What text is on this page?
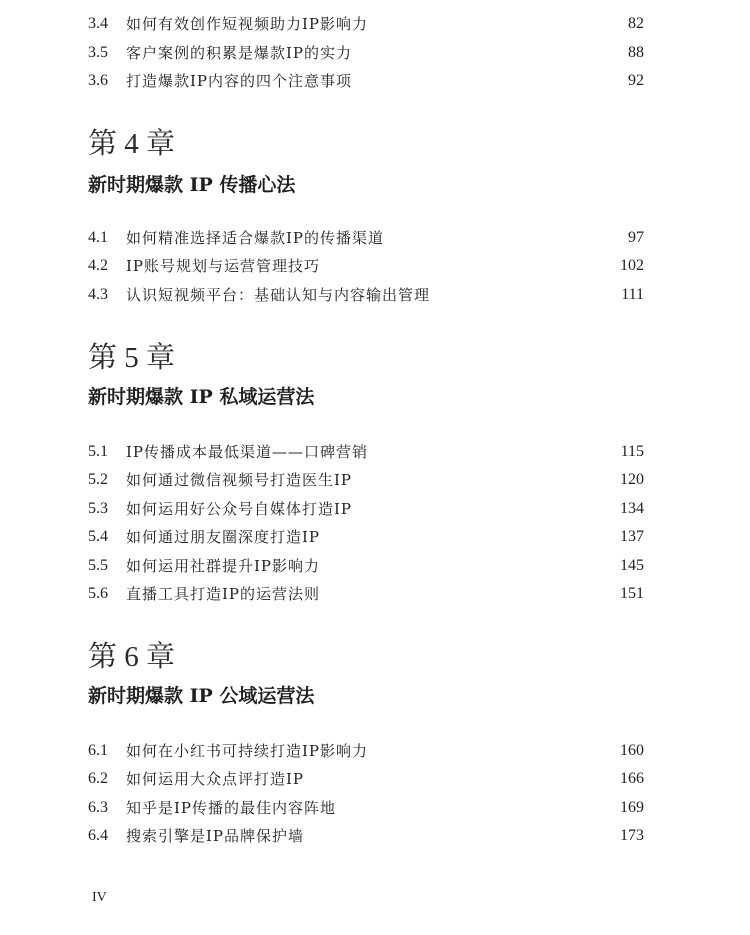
3.4	如何有效创作短视频助力IP影响力	82
3.5	客户案例的积累是爆款IP的实力	88
3.6	打造爆款IP内容的四个注意事项	92
第 4 章
新时期爆款 IP 传播心法
4.1	如何精准选择适合爆款IP的传播渠道	97
4.2	IP账号规划与运营管理技巧	102
4.3	认识短视频平台：基础认知与内容输出管理	111
第 5 章
新时期爆款 IP 私域运营法
5.1	IP传播成本最低渠道——口碑营销	115
5.2	如何通过微信视频号打造医生IP	120
5.3	如何运用好公众号自媒体打造IP	134
5.4	如何通过朋友圈深度打造IP	137
5.5	如何运用社群提升IP影响力	145
5.6	直播工具打造IP的运营法则	151
第 6 章
新时期爆款 IP 公域运营法
6.1	如何在小红书可持续打造IP影响力	160
6.2	如何运用大众点评打造IP	166
6.3	知乎是IP传播的最佳内容阵地	169
6.4	搜索引擎是IP品牌保护墙	173
IV
